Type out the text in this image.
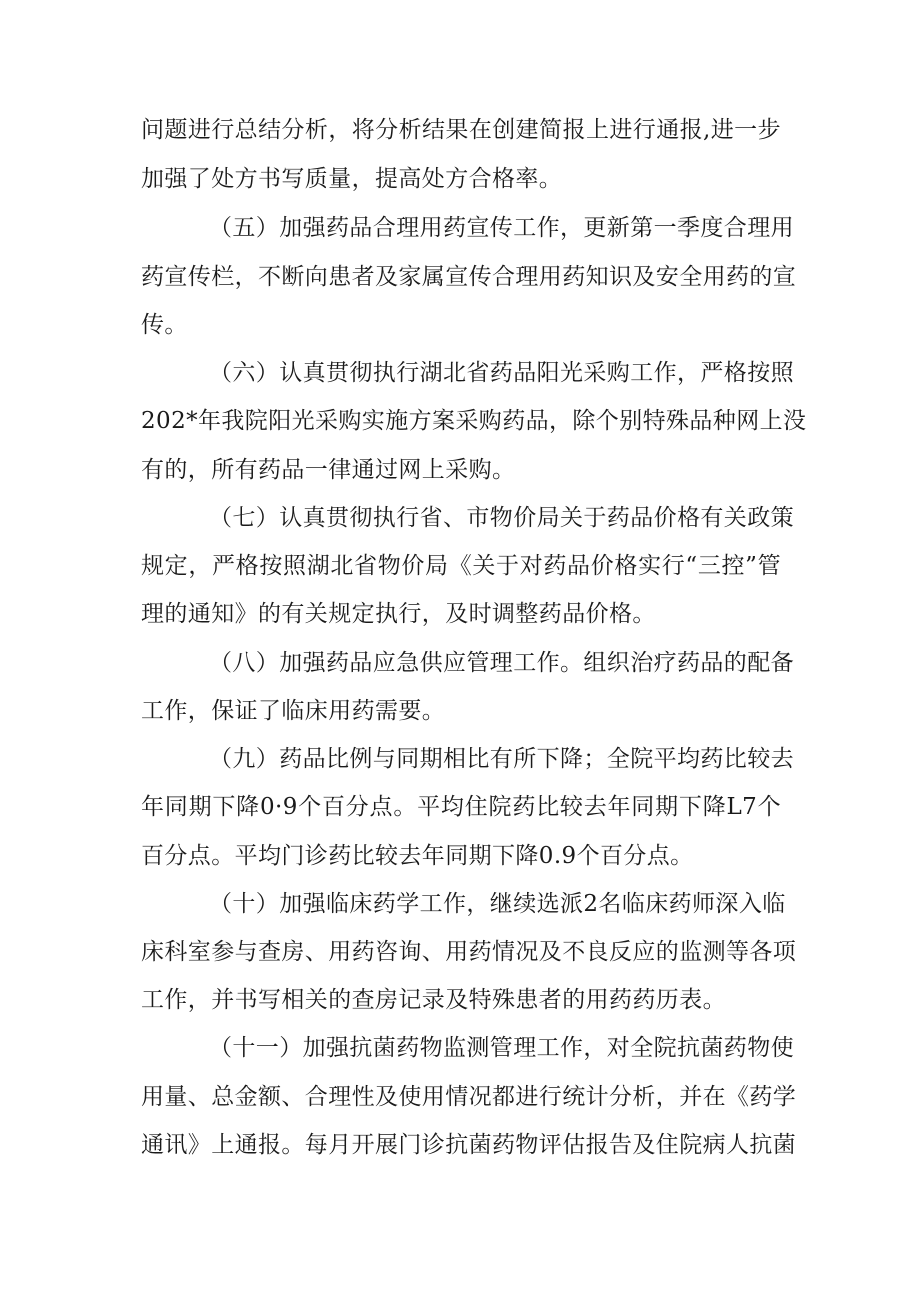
问题进行总结分析，将分析结果在创建简报上进行通报,进一步

加强了处方书写质量，提高处方合格率。

（五）加强药品合理用药宣传工作，更新第一季度合理用

药宣传栏，不断向患者及家属宣传合理用药知识及安全用药的宣

传。

（六）认真贯彻执行湖北省药品阳光采购工作，严格按照

202*年我院阳光采购实施方案采购药品，除个别特殊品种网上没

有的，所有药品一律通过网上采购。

（七）认真贯彻执行省、市物价局关于药品价格有关政策

规定，严格按照湖北省物价局《关于对药品价格实行“三控”管

理的通知》的有关规定执行，及时调整药品价格。

（八）加强药品应急供应管理工作。组织治疗药品的配备

工作，保证了临床用药需要。

（九）药品比例与同期相比有所下降；全院平均药比较去

年同期下降0·9个百分点。平均住院药比较去年同期下降L7个

百分点。平均门诊药比较去年同期下降0.9个百分点。

（十）加强临床药学工作，继续选派2名临床药师深入临

床科室参与查房、用药咨询、用药情况及不良反应的监测等各项

工作，并书写相关的查房记录及特殊患者的用药药历表。

（十一）加强抗菌药物监测管理工作，对全院抗菌药物使

用量、总金额、合理性及使用情况都进行统计分析，并在《药学

通讯》上通报。每月开展门诊抗菌药物评估报告及住院病人抗菌
